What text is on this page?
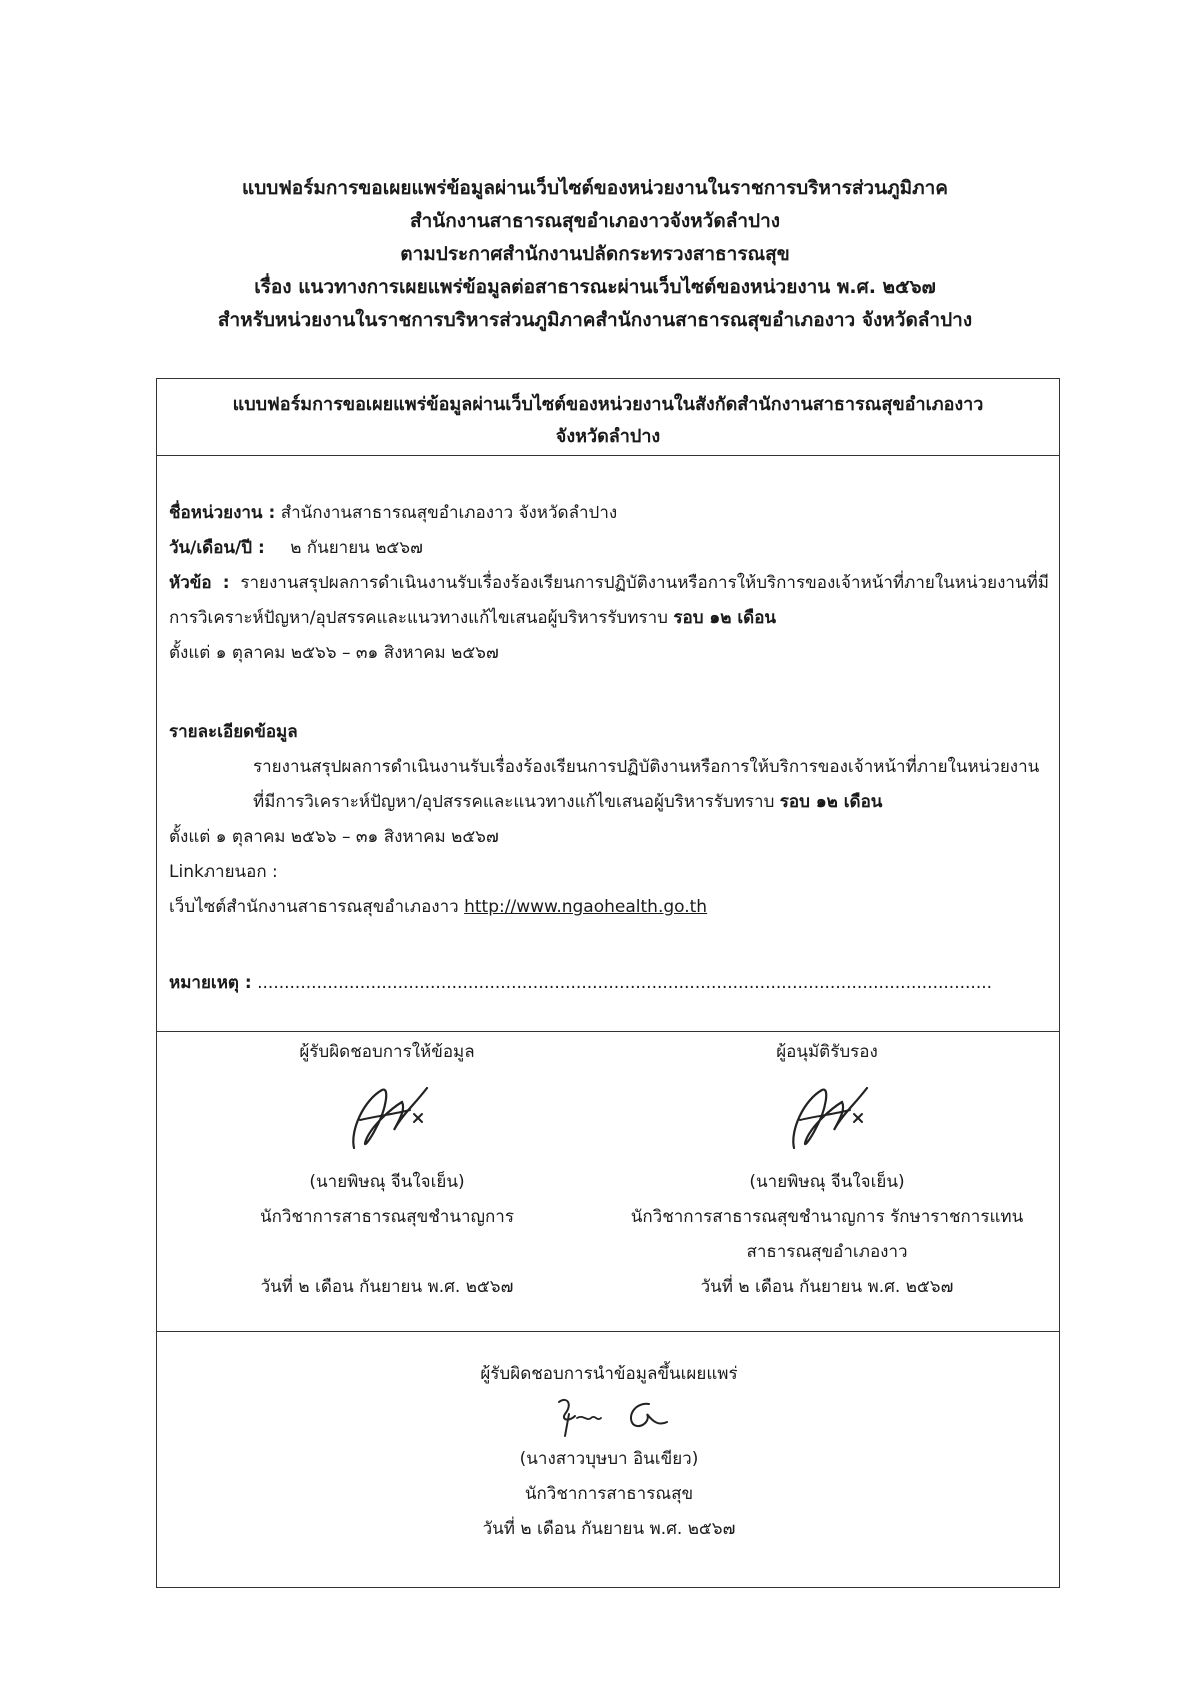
แบบฟอร์มการขอเผยแพร่ข้อมูลผ่านเว็บไซต์ของหน่วยงานในราชการบริหารส่วนภูมิภาค
สำนักงานสาธารณสุขอำเภองาวจังหวัดลำปาง
ตามประกาศสำนักงานปลัดกระทรวงสาธารณสุข
เรื่อง แนวทางการเผยแพร่ข้อมูลต่อสาธารณะผ่านเว็บไซต์ของหน่วยงาน พ.ศ. ๒๕๖๗
สำหรับหน่วยงานในราชการบริหารส่วนภูมิภาคสำนักงานสาธารณสุขอำเภองาว จังหวัดลำปาง
แบบฟอร์มการขอเผยแพร่ข้อมูลผ่านเว็บไซต์ของหน่วยงานในสังกัดสำนักงานสาธารณสุขอำเภองาว
จังหวัดลำปาง
ชื่อหน่วยงาน : สำนักงานสาธารณสุขอำเภองาว จังหวัดลำปาง
วัน/เดือน/ปี : ๒ กันยายน ๒๕๖๗
หัวข้อ : รายงานสรุปผลการดำเนินงานรับเรื่องร้องเรียนการปฏิบัติงานหรือการให้บริการของเจ้าหน้าที่ภายในหน่วยงานที่มีการวิเคราะห์ปัญหา/อุปสรรคและแนวทางแก้ไขเสนอผู้บริหารรับทราบ รอบ ๑๒ เดือน
ตั้งแต่ ๑ ตุลาคม ๒๕๖๖ – ๓๑ สิงหาคม ๒๕๖๗
รายละเอียดข้อมูล
รายงานสรุปผลการดำเนินงานรับเรื่องร้องเรียนการปฏิบัติงานหรือการให้บริการของเจ้าหน้าที่ภายในหน่วยงานที่มีการวิเคราะห์ปัญหา/อุปสรรคและแนวทางแก้ไขเสนอผู้บริหารรับทราบ รอบ ๑๒ เดือน
ตั้งแต่ ๑ ตุลาคม ๒๕๖๖ – ๓๑ สิงหาคม ๒๕๖๗
Linkภายนอก :
เว็บไซต์สำนักงานสาธารณสุขอำเภองาว http://www.ngaohealth.go.th
หมายเหตุ : ........................................................................................................................................
ผู้รับผิดชอบการให้ข้อมูล
(นายพิษณุ จีนใจเย็น)
นักวิชาการสาธารณสุขชำนาญการ
วันที่ ๒ เดือน กันยายน พ.ศ. ๒๕๖๗
ผู้อนุมัติรับรอง
(นายพิษณุ จีนใจเย็น)
นักวิชาการสาธารณสุขชำนาญการ รักษาราชการแทน
สาธารณสุขอำเภองาว
วันที่ ๒ เดือน กันยายน พ.ศ. ๒๕๖๗
ผู้รับผิดชอบการนำข้อมูลขึ้นเผยแพร่
(นางสาวบุษบา อินเขียว)
นักวิชาการสาธารณสุข
วันที่ ๒ เดือน กันยายน พ.ศ. ๒๕๖๗
